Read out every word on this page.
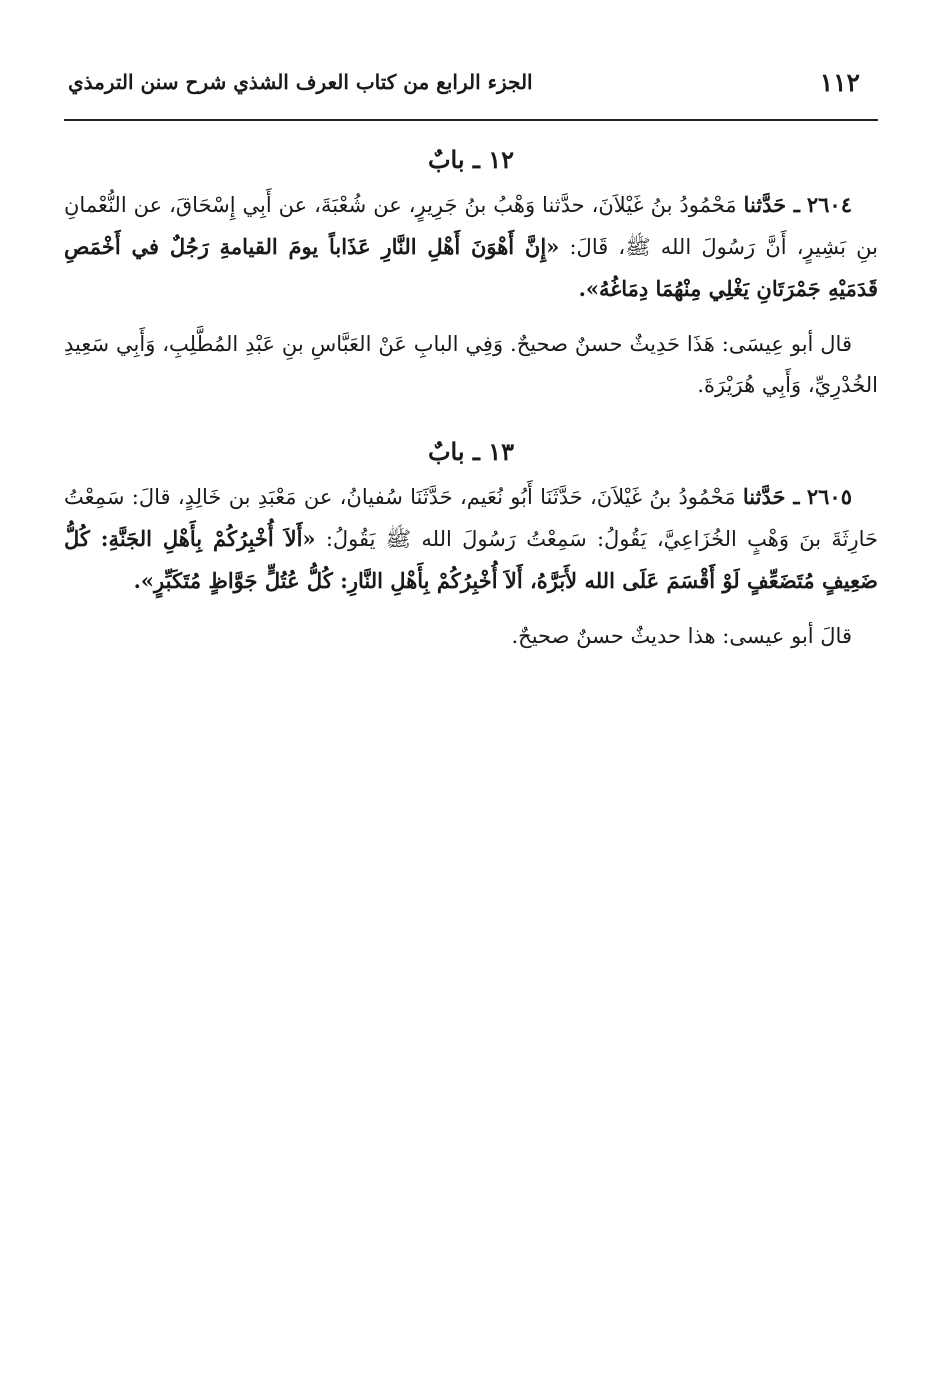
١١٢
الجزء الرابع من كتاب العرف الشذي شرح سنن الترمذي
١٢ ـ بابٌ

٢٦٠٤ ـ حَدَّثنا مَحْمُودُ بنُ غَيْلاَنَ، حدَّثنا وَهْبُ بنُ جَرِيرٍ، عن شُعْبَةَ، عن أَبِي إِسْحَاقَ، عن النُّعْمانِ بنِ بَشِيرٍ، أَنَّ رَسُولَ الله ﷺ، قَالَ: «إِنَّ أَهْوَنَ أَهْلِ النَّارِ عَذَاباً يومَ القيامةِ رَجُلٌ في أَخْمَصِ قَدَمَيْهِ جَمْرَتَانِ يَغْلِي مِنْهُمَا دِمَاغُهُ».

قال أبو عِيسَى: هَذَا حَدِيثٌ حسنٌ صحيحٌ. وَفِي البابِ عَنْ العَبَّاسِ بنِ عَبْدِ المُطَّلِبِ، وَأَبِي سَعِيدِ الخُدْرِيِّ، وَأَبِي هُرَيْرَةَ.

١٣ ـ بابٌ

٢٦٠٥ ـ حَدَّثنا مَحْمُودُ بنُ غَيْلاَنَ، حَدَّثَنَا أَبُو نُعَيم، حَدَّثَنَا سُفيانُ، عن مَعْبَدِ بن خَالِدٍ، قالَ: سَمِعْتُ حَارِثَةَ بنَ وَهْبٍ الخُزَاعِيَّ، يَقُولُ: سَمِعْتُ رَسُولَ الله ﷺ يَقُولُ: «أَلاَ أُخْبِرُكُمْ بِأَهْلِ الجَنَّةِ: كُلُّ ضَعِيفٍ مُتَضَعِّفٍ لَوْ أَقْسَمَ عَلَى الله لأَبَرَّهُ، أَلاَ أُخْبِرُكُمْ بِأَهْلِ النَّارِ: كُلُّ عُتُلٍّ جَوَّاظٍ مُتَكَبِّرٍ».

قالَ أبو عيسى: هذا حديثٌ حسنٌ صحيحٌ.
